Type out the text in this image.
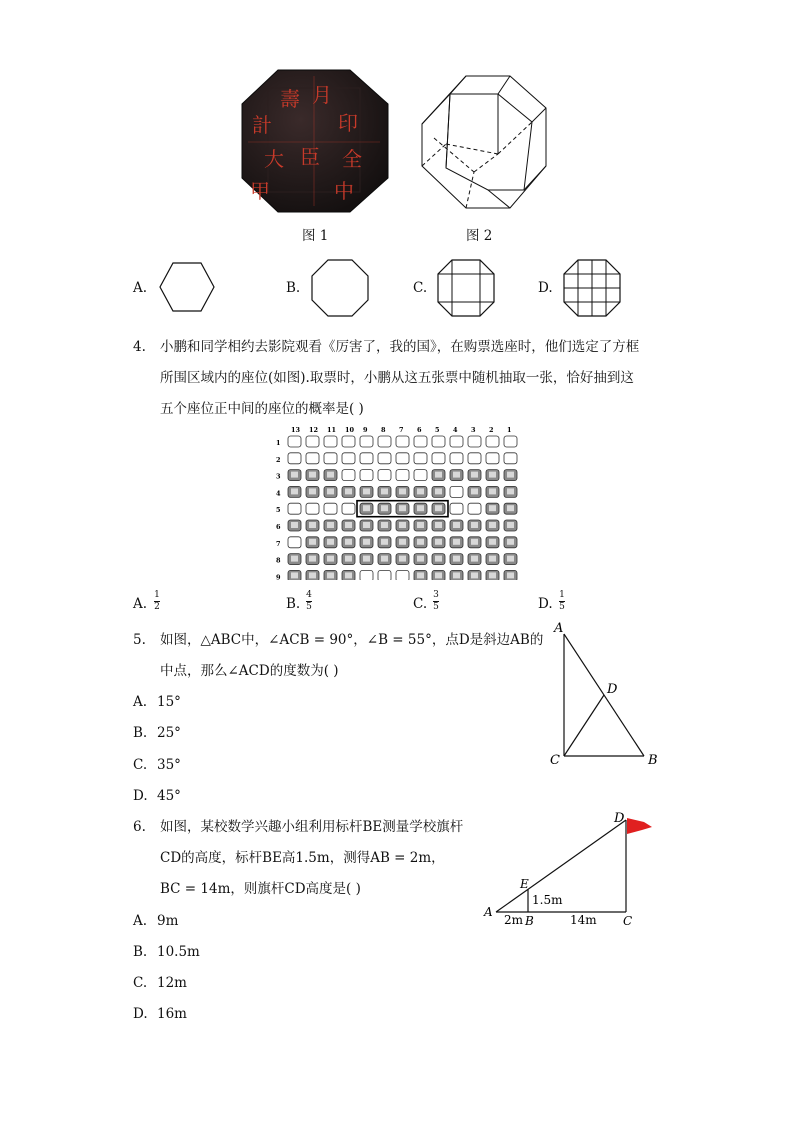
壽 月
計	印
大 臣 全
甲	中
图 1	图 2
A.	B.	C.	D.
4. 小鹏和同学相约去影院观看《厉害了，我的国》，在购票选座时，他们选定了方框
所围区域内的座位(如图).取票时，小鹏从这五张票中随机抽取一张，恰好抽到这
五个座位正中间的座位的概率是( )
13 12 11 10 9 8 7 6 5 4 3 2 1
1
2
3
4
5
6
7
8
9
A.
1
2	B.
4
5	C.
3
5	D.
1
5
5. 如图，△ABC中，∠ACB = 90°，∠B = 55°，点D是斜边AB的
中点，那么∠ACD的度数为( )
A. 15°
B. 25°
C. 35°
D. 45°
A
D
C	B
6. 如图，某校数学兴趣小组利用标杆BE测量学校旗杆
CD的高度，标杆BE高1.5m，测得AB = 2m，
BC = 14m，则旗杆CD高度是( )
A. 9m
B. 10.5m
C. 12m
D. 16m
D
E
1.5m
A
2m B	14m C
